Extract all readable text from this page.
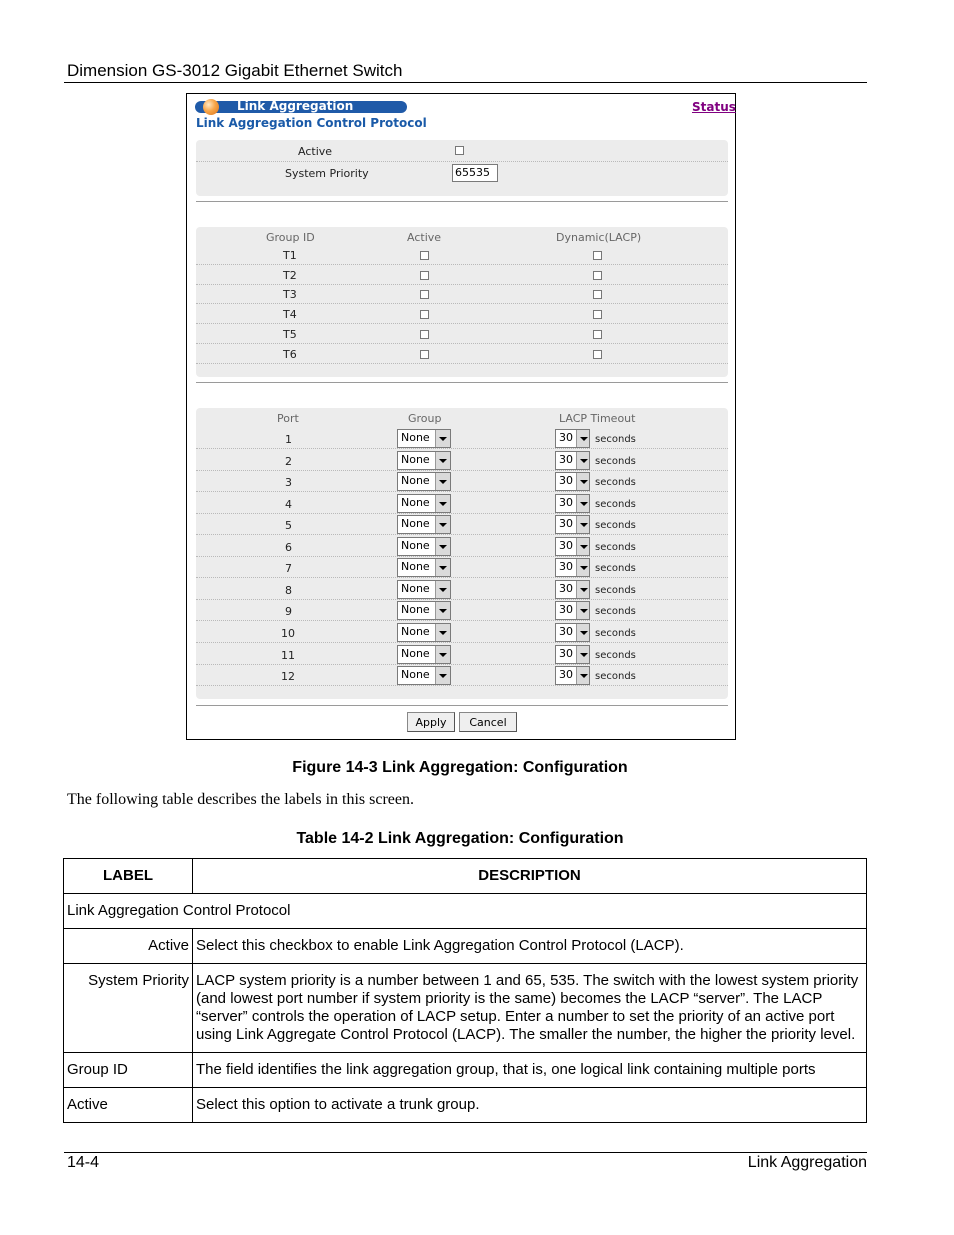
Dimension GS-3012 Gigabit Ethernet Switch
Link Aggregation	Status
Link Aggregation Control Protocol
Active
System Priority	65535
Group ID	Active	Dynamic(LACP)
T1
T2
T3
T4
T5
T6
Port	Group	LACP Timeout
1	None	30	seconds
2	None	30	seconds
3	None	30	seconds
4	None	30	seconds
5	None	30	seconds
6	None	30	seconds
7	None	30	seconds
8	None	30	seconds
9	None	30	seconds
10	None	30	seconds
11	None	30	seconds
12	None	30	seconds
Apply	Cancel
Figure 14-3 Link Aggregation: Configuration
The following table describes the labels in this screen.
Table 14-2 Link Aggregation: Configuration
LABEL	DESCRIPTION
Link Aggregation Control Protocol	
Active	Select this checkbox to enable Link Aggregation Control Protocol (LACP).
System Priority	LACP system priority is a number between 1 and 65, 535. The switch with the lowest system priority (and lowest port number if system priority is the same) becomes the LACP “server”. The LACP “server” controls the operation of LACP setup. Enter a number to set the priority of an active port using Link Aggregate Control Protocol (LACP). The smaller the number, the higher the priority level.
Group ID	The field identifies the link aggregation group, that is, one logical link containing multiple ports
Active	Select this option to activate a trunk group.
14-4	Link Aggregation
